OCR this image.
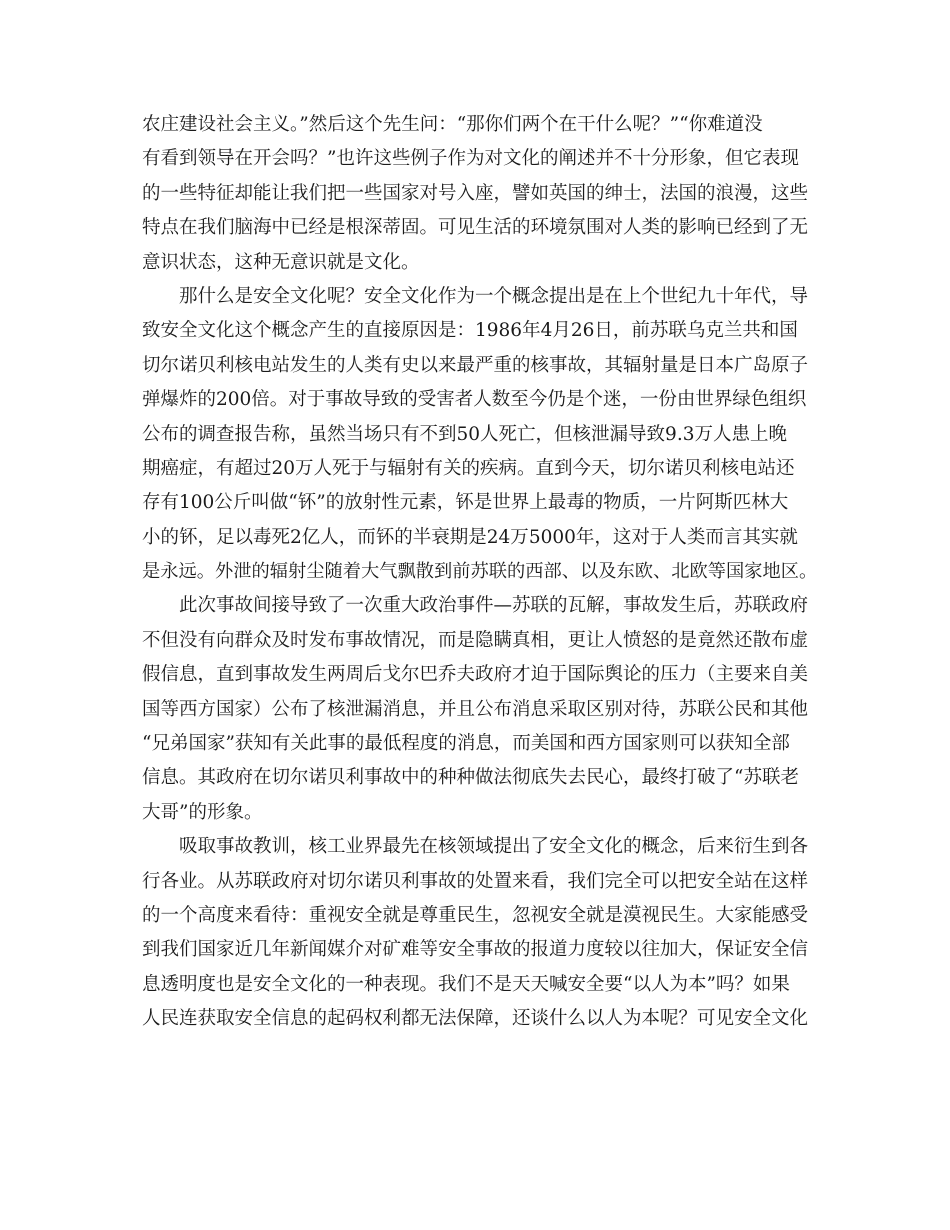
农庄建设社会主义。”然后这个先生问：“那你们两个在干什么呢？”“你难道没
有看到领导在开会吗？”也许这些例子作为对文化的阐述并不十分形象，但它表现
的一些特征却能让我们把一些国家对号入座，譬如英国的绅士，法国的浪漫，这些
特点在我们脑海中已经是根深蒂固。可见生活的环境氛围对人类的影响已经到了无
意识状态，这种无意识就是文化。
　　那什么是安全文化呢？安全文化作为一个概念提出是在上个世纪九十年代，导
致安全文化这个概念产生的直接原因是：1986年4月26日，前苏联乌克兰共和国
切尔诺贝利核电站发生的人类有史以来最严重的核事故，其辐射量是日本广岛原子
弹爆炸的200倍。对于事故导致的受害者人数至今仍是个迷，一份由世界绿色组织
公布的调查报告称，虽然当场只有不到50人死亡，但核泄漏导致9.3万人患上晚
期癌症，有超过20万人死于与辐射有关的疾病。直到今天，切尔诺贝利核电站还
存有100公斤叫做“钚”的放射性元素，钚是世界上最毒的物质，一片阿斯匹林大
小的钚，足以毒死2亿人，而钚的半衰期是24万5000年，这对于人类而言其实就
是永远。外泄的辐射尘随着大气飘散到前苏联的西部、以及东欧、北欧等国家地区。
　　此次事故间接导致了一次重大政治事件—苏联的瓦解，事故发生后，苏联政府
不但没有向群众及时发布事故情况，而是隐瞒真相，更让人愤怒的是竟然还散布虚
假信息，直到事故发生两周后戈尔巴乔夫政府才迫于国际舆论的压力（主要来自美
国等西方国家）公布了核泄漏消息，并且公布消息采取区别对待，苏联公民和其他
“兄弟国家”获知有关此事的最低程度的消息，而美国和西方国家则可以获知全部
信息。其政府在切尔诺贝利事故中的种种做法彻底失去民心，最终打破了“苏联老
大哥”的形象。
　　吸取事故教训，核工业界最先在核领域提出了安全文化的概念，后来衍生到各
行各业。从苏联政府对切尔诺贝利事故的处置来看，我们完全可以把安全站在这样
的一个高度来看待：重视安全就是尊重民生，忽视安全就是漠视民生。大家能感受
到我们国家近几年新闻媒介对矿难等安全事故的报道力度较以往加大，保证安全信
息透明度也是安全文化的一种表现。我们不是天天喊安全要“以人为本”吗？如果
人民连获取安全信息的起码权利都无法保障，还谈什么以人为本呢？可见安全文化
